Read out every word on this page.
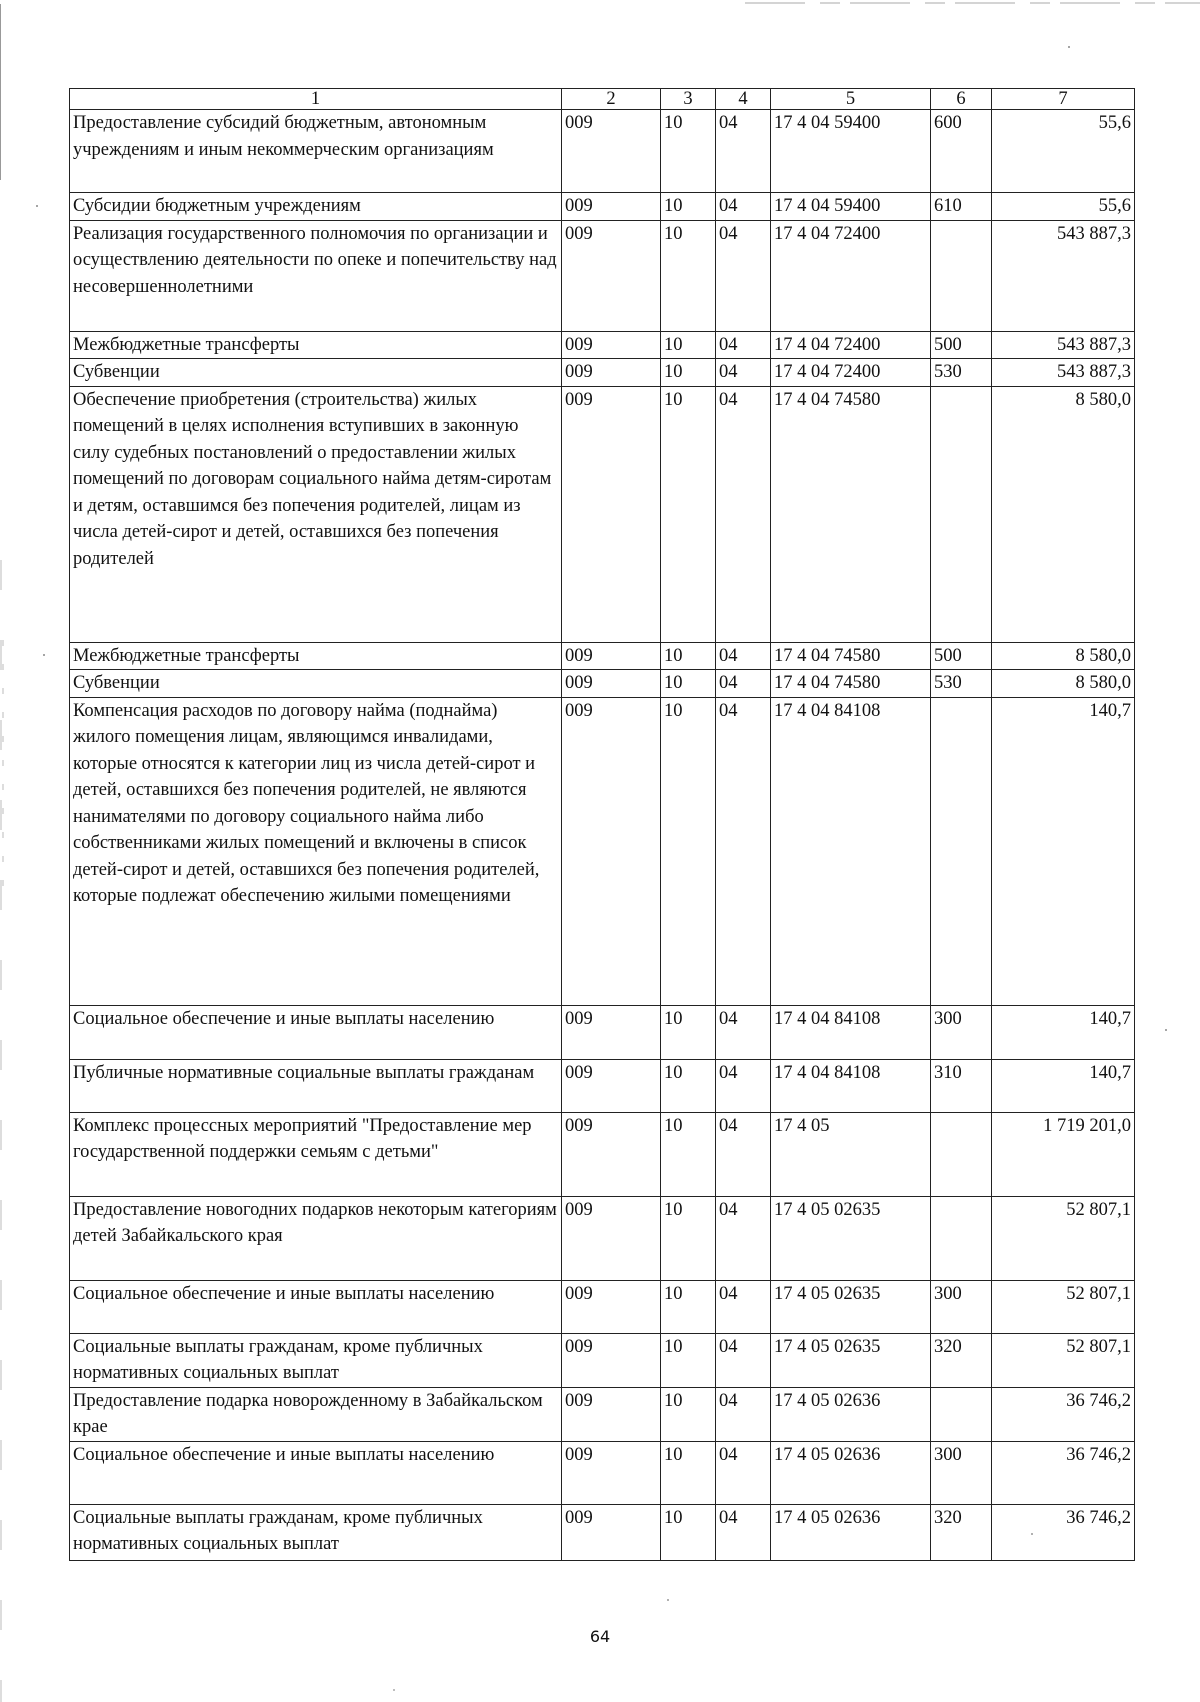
1	2	3	4	5	6	7
Предоставление субсидий бюджетным, автономным учреждениям и иным некоммерческим организациям	009	10	04	17 4 04 59400	600	55,6
Субсидии бюджетным учреждениям	009	10	04	17 4 04 59400	610	55,6
Реализация государственного полномочия по организации и осуществлению деятельности по опеке и попечительству над несовершеннолетними	009	10	04	17 4 04 72400		543 887,3
Межбюджетные трансферты	009	10	04	17 4 04 72400	500	543 887,3
Субвенции	009	10	04	17 4 04 72400	530	543 887,3
Обеспечение приобретения (строительства) жилых помещений в целях исполнения вступивших в законную силу судебных постановлений о предоставлении жилых помещений по договорам социального найма детям-сиротам и детям, оставшимся без попечения родителей, лицам из числа детей-сирот и детей, оставшихся без попечения родителей	009	10	04	17 4 04 74580		8 580,0
Межбюджетные трансферты	009	10	04	17 4 04 74580	500	8 580,0
Субвенции	009	10	04	17 4 04 74580	530	8 580,0
Компенсация расходов по договору найма (поднайма) жилого помещения лицам, являющимся инвалидами, которые относятся к категории лиц из числа детей-сирот и детей, оставшихся без попечения родителей, не являются нанимателями по договору социального найма либо собственниками жилых помещений и включены в список детей-сирот и детей, оставшихся без попечения родителей, которые подлежат обеспечению жилыми помещениями	009	10	04	17 4 04 84108		140,7
Социальное обеспечение и иные выплаты населению	009	10	04	17 4 04 84108	300	140,7
Публичные нормативные социальные выплаты гражданам	009	10	04	17 4 04 84108	310	140,7
Комплекс процессных мероприятий "Предоставление мер государственной поддержки семьям с детьми"	009	10	04	17 4 05		1 719 201,0
Предоставление новогодних подарков некоторым категориям детей Забайкальского края	009	10	04	17 4 05 02635		52 807,1
Социальное обеспечение и иные выплаты населению	009	10	04	17 4 05 02635	300	52 807,1
Социальные выплаты гражданам, кроме публичных нормативных социальных выплат	009	10	04	17 4 05 02635	320	52 807,1
Предоставление подарка новорожденному в Забайкальском крае	009	10	04	17 4 05 02636		36 746,2
Социальное обеспечение и иные выплаты населению	009	10	04	17 4 05 02636	300	36 746,2
Социальные выплаты гражданам, кроме публичных нормативных социальных выплат	009	10	04	17 4 05 02636	320	36 746,2
64
